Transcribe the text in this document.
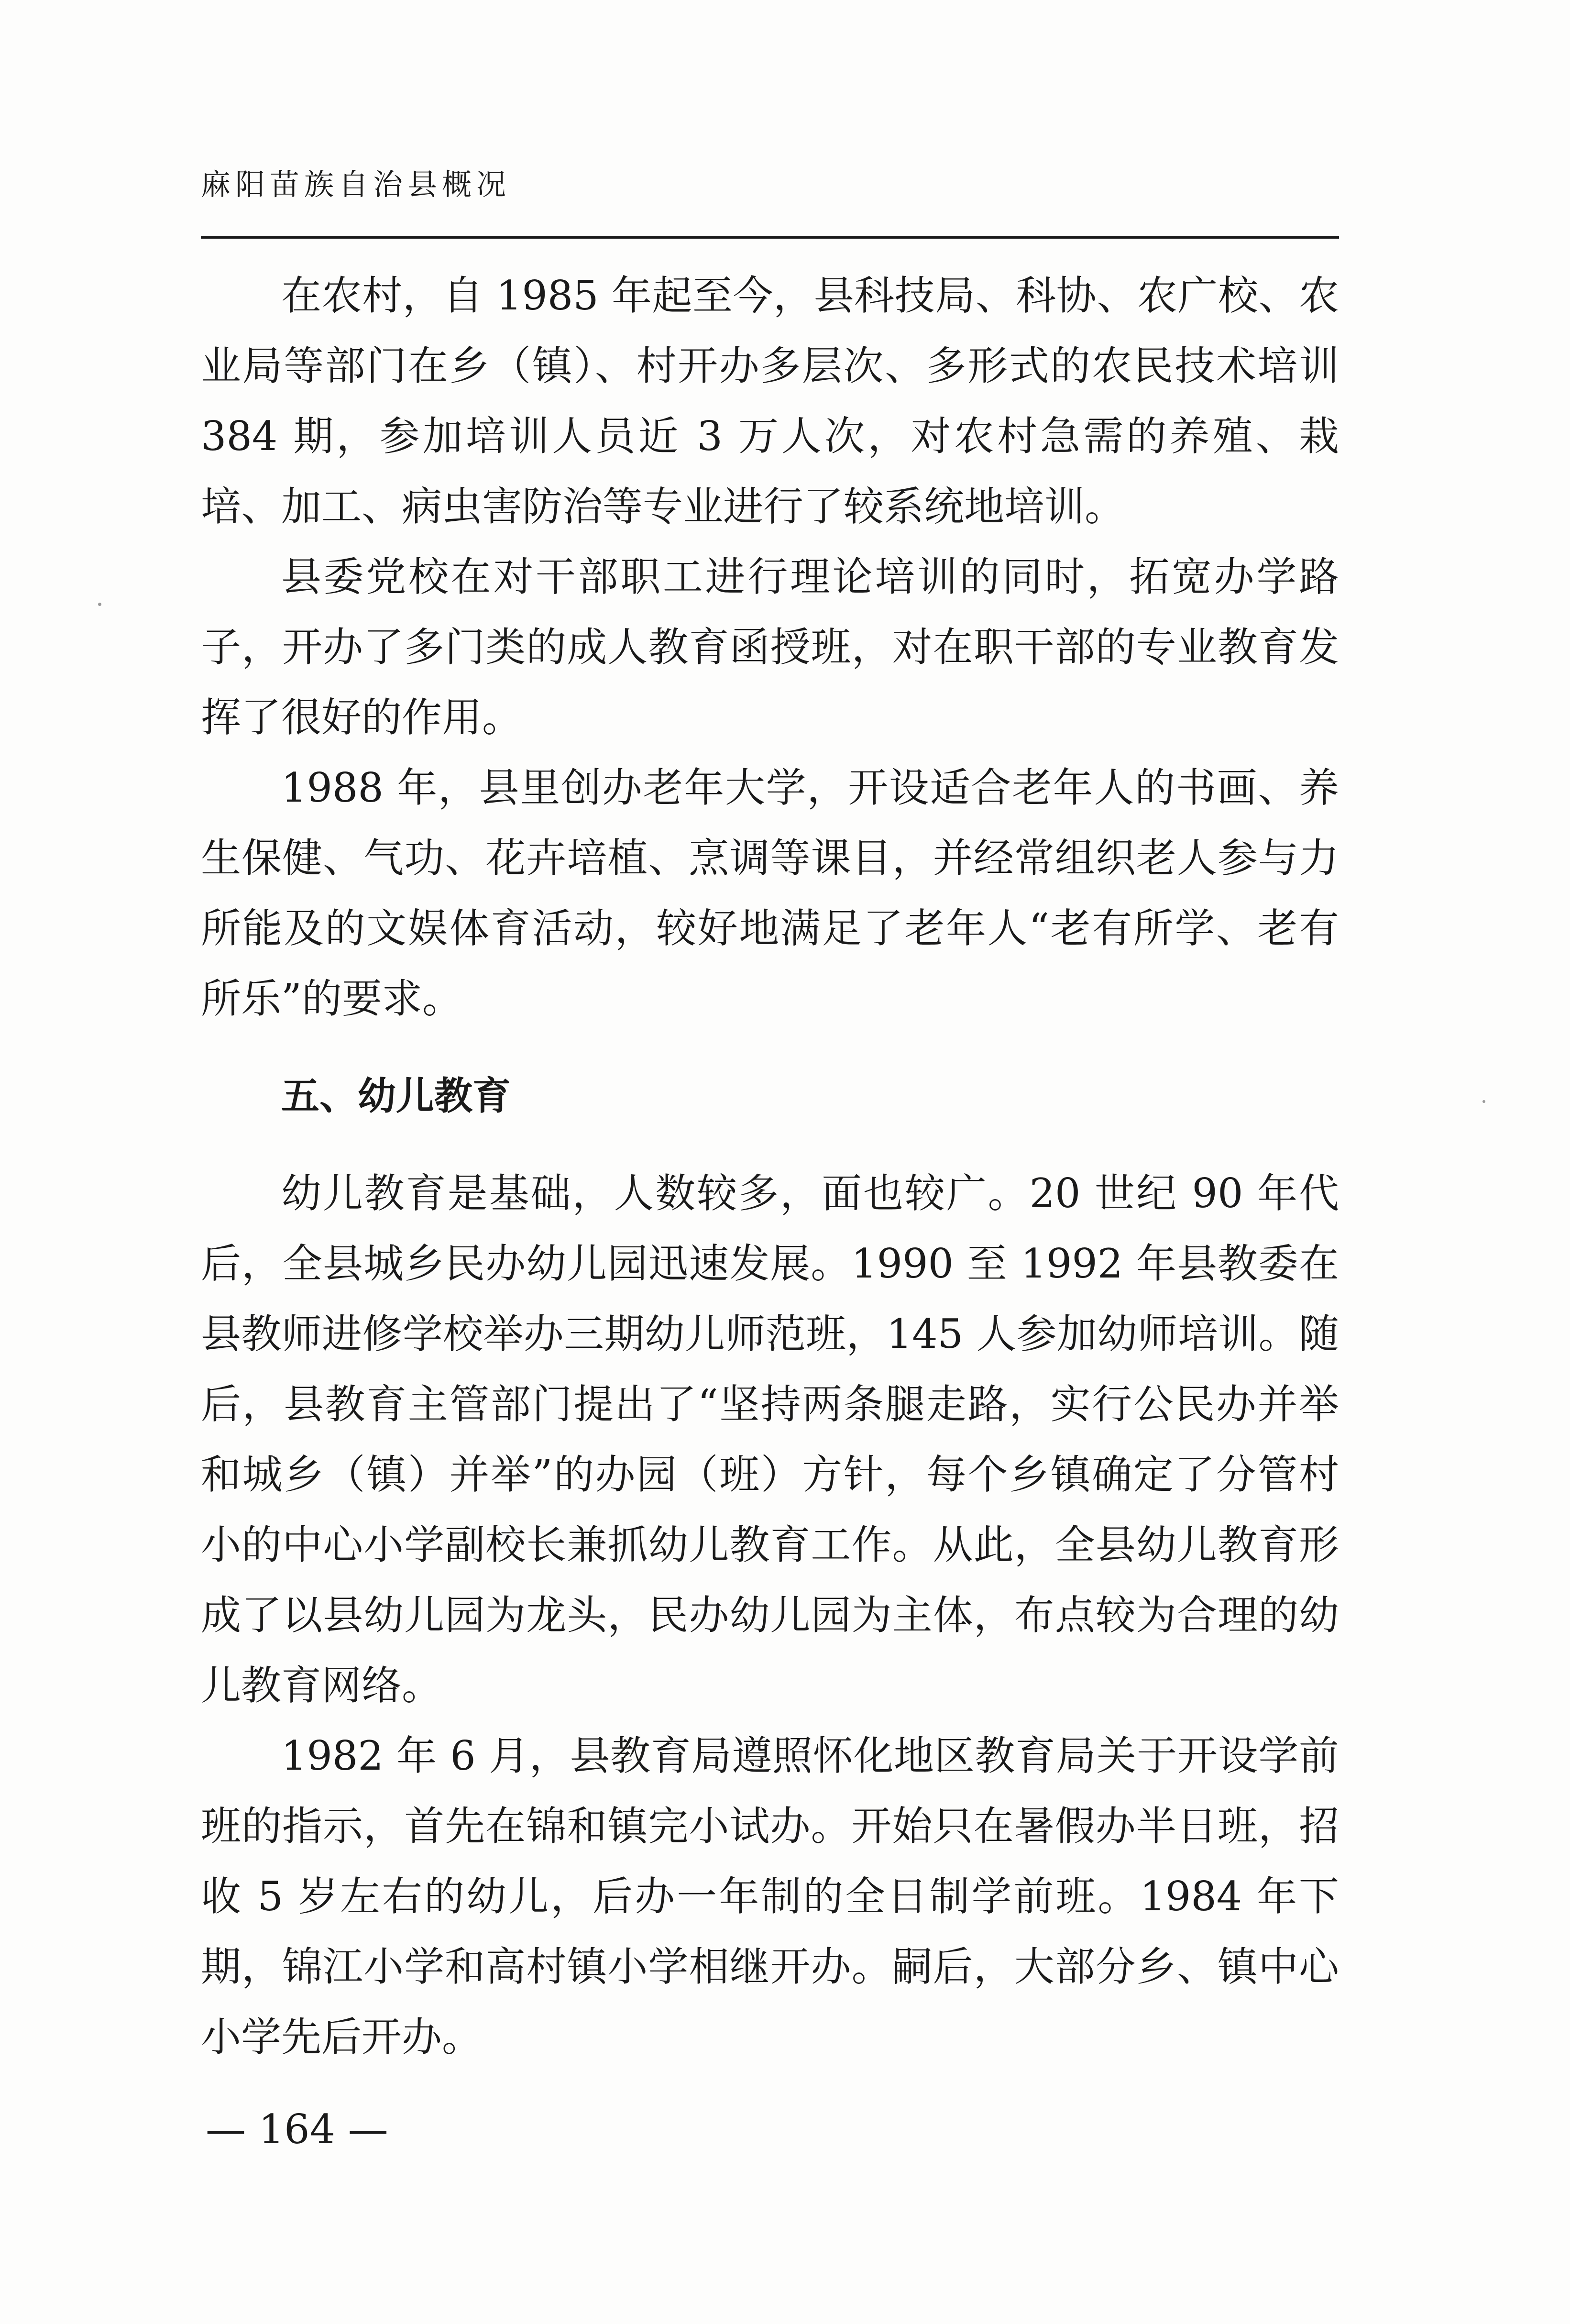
麻阳苗族自治县概况

在农村，自 1985 年起至今，县科技局、科协、农广校、农业局等部门在乡（镇）、村开办多层次、多形式的农民技术培训 384 期，参加培训人员近 3 万人次，对农村急需的养殖、栽培、加工、病虫害防治等专业进行了较系统地培训。

县委党校在对干部职工进行理论培训的同时，拓宽办学路子，开办了多门类的成人教育函授班，对在职干部的专业教育发挥了很好的作用。

1988 年，县里创办老年大学，开设适合老年人的书画、养生保健、气功、花卉培植、烹调等课目，并经常组织老人参与力所能及的文娱体育活动，较好地满足了老年人“老有所学、老有所乐”的要求。

五、幼儿教育

幼儿教育是基础，人数较多，面也较广。20 世纪 90 年代后，全县城乡民办幼儿园迅速发展。1990 至 1992 年县教委在县教师进修学校举办三期幼儿师范班，145 人参加幼师培训。随后，县教育主管部门提出了“坚持两条腿走路，实行公民办并举和城乡（镇）并举”的办园（班）方针，每个乡镇确定了分管村小的中心小学副校长兼抓幼儿教育工作。从此，全县幼儿教育形成了以县幼儿园为龙头，民办幼儿园为主体，布点较为合理的幼儿教育网络。

1982 年 6 月，县教育局遵照怀化地区教育局关于开设学前班的指示，首先在锦和镇完小试办。开始只在暑假办半日班，招收 5 岁左右的幼儿，后办一年制的全日制学前班。1984 年下期，锦江小学和高村镇小学相继开办。嗣后，大部分乡、镇中心小学先后开办。

— 164 —
